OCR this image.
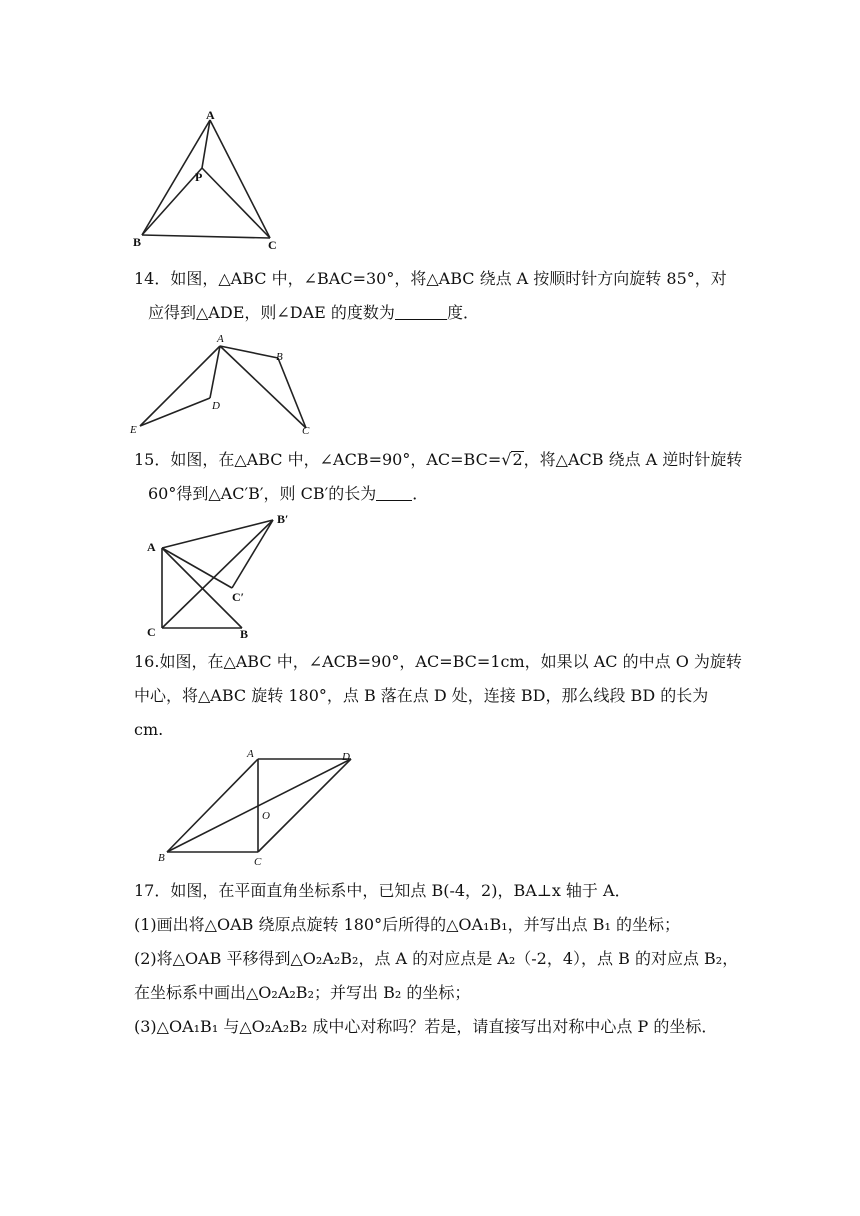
A
P
B	C
14．如图，△ABC 中，∠BAC=30°，将△ABC 绕点 A 按顺时针方向旋转 85°，对
应得到△ADE，则∠DAE 的度数为	度．
A
B
C
D
E
15．如图，在△ABC 中，∠ACB=90°，AC=BC=√2，将△ACB 绕点 A 逆时针旋转
60°得到△AC′B′，则 CB′的长为 ．
A
B′
C′
C	B
16.如图，在△ABC 中，∠ACB=90°，AC=BC=1cm，如果以 AC 的中点 O 为旋转
中心，将△ABC 旋转 180°，点 B 落在点 D 处，连接 BD，那么线段 BD 的长为
cm.
A	D
O
B	C
17．如图，在平面直角坐标系中，已知点 B(-4，2)，BA⊥x 轴于 A．
(1)画出将△OAB 绕原点旋转 180°后所得的△OA₁B₁，并写出点 B₁ 的坐标；
(2)将△OAB 平移得到△O₂A₂B₂，点 A 的对应点是 A₂（-2，4），点 B 的对应点 B₂，
在坐标系中画出△O₂A₂B₂；并写出 B₂ 的坐标；
(3)△OA₁B₁ 与△O₂A₂B₂ 成中心对称吗？若是，请直接写出对称中心点 P 的坐标．
